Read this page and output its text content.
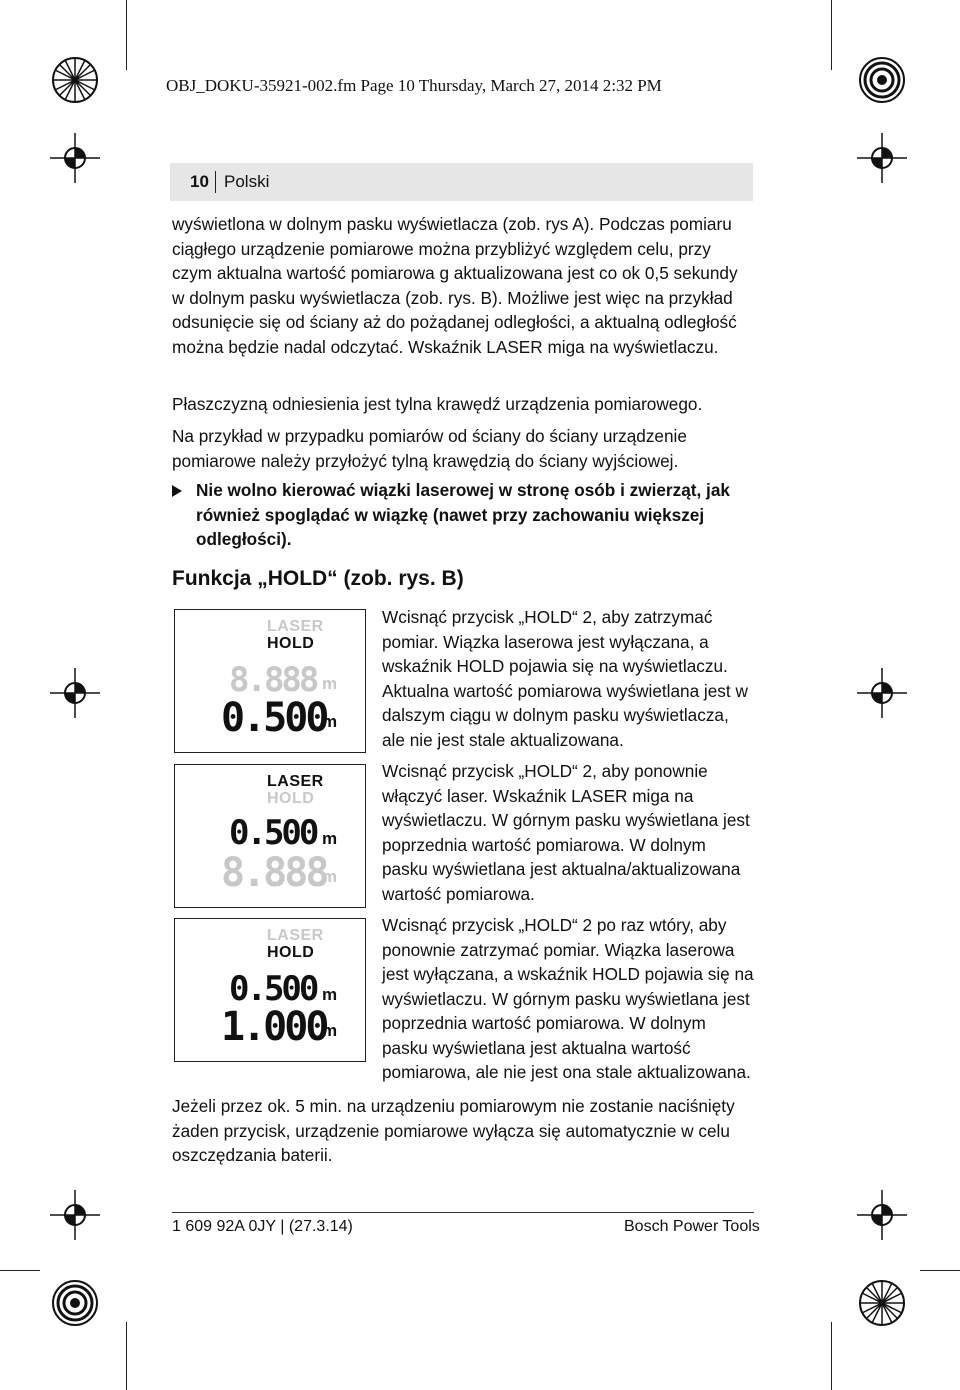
OBJ_DOKU-35921-002.fm Page 10 Thursday, March 27, 2014 2:32 PM
10 Polski

wyświetlona w dolnym pasku wyświetlacza (zob. rys A). Podczas pomiaru ciągłego urządzenie pomiarowe można przybliżyć względem celu, przy czym aktualna wartość pomiarowa g aktualizowana jest co ok 0,5 sekundy w dolnym pasku wyświetlacza (zob. rys. B). Możliwe jest więc na przykład odsunięcie się od ściany aż do pożądanej odległości, a aktualną odległość można będzie nadal odczytać. Wskaźnik LASER miga na wyświetlaczu.

Płaszczyzną odniesienia jest tylna krawędź urządzenia pomiarowego.

Na przykład w przypadku pomiarów od ściany do ściany urządzenie pomiarowe należy przyłożyć tylną krawędzią do ściany wyjściowej.

Nie wolno kierować wiązki laserowej w stronę osób i zwierząt, jak również spoglądać w wiązkę (nawet przy zachowaniu większej odległości).
Funkcja „HOLD“ (zob. rys. B)
LASER
HOLD
8.888 m
0.500
m
LASER
HOLD
0.500 m
8.888
m
LASER
HOLD
0.500 m
1.000
m

Wcisnąć przycisk „HOLD“ 2, aby zatrzymać pomiar. Wiązka laserowa jest wyłączana, a wskaźnik HOLD pojawia się na wyświetlaczu. Aktualna wartość pomiarowa wyświetlana jest w dalszym ciągu w dolnym pasku wyświetlacza, ale nie jest stale aktualizowana.

Wcisnąć przycisk „HOLD“ 2, aby ponownie włączyć laser. Wskaźnik LASER miga na wyświetlaczu. W górnym pasku wyświetlana jest poprzednia wartość pomiarowa. W dolnym pasku wyświetlana jest aktualna/aktualizowana wartość pomiarowa.

Wcisnąć przycisk „HOLD“ 2 po raz wtóry, aby ponownie zatrzymać pomiar. Wiązka laserowa jest wyłączana, a wskaźnik HOLD pojawia się na wyświetlaczu. W górnym pasku wyświetlana jest poprzednia wartość pomiarowa. W dolnym pasku wyświetlana jest aktualna wartość pomiarowa, ale nie jest ona stale aktualizowana.

Jeżeli przez ok. 5 min. na urządzeniu pomiarowym nie zostanie naciśnięty żaden przycisk, urządzenie pomiarowe wyłącza się automatycznie w celu oszczędzania baterii.

1 609 92A 0JY | (27.3.14)	Bosch Power Tools
